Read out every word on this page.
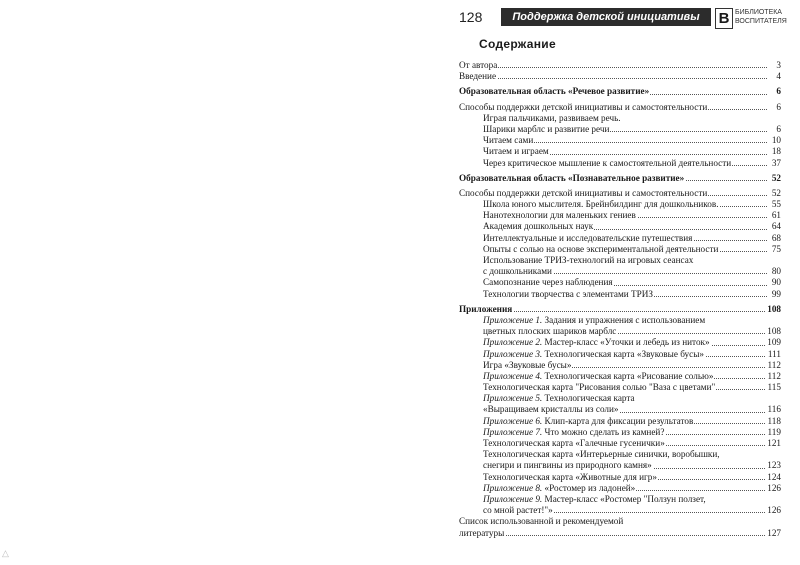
△
128	Поддержка детской инициативы	В БИБЛИОТЕКА
ВОСПИТАТЕЛЯ
Содержание
От автора	3
Введение	4
Образовательная область «Речевое развитие»	6
Способы поддержки детской инициативы и самостоятельности	6
Играя пальчиками, развиваем речь.
Шарики марблс и развитие речи	6
Читаем сами	10
Читаем и играем	18
Через критическое мышление к самостоятельной деятельности	37
Образовательная область «Познавательное развитие»	52
Способы поддержки детской инициативы и самостоятельности	52
Школа юного мыслителя. Брейнбилдинг для дошкольников.	55
Нанотехнологии для маленьких гениев	61
Академия дошкольных наук	64
Интеллектуальные и исследовательские путешествия	68
Опыты с солью на основе экспериментальной деятельности	75
Использование ТРИЗ-технологий на игровых сеансах
с дошкольниками	80
Самопознание через наблюдения	90
Технологии творчества с элементами ТРИЗ	99
Приложения	108
Приложение 1. Задания и упражнения с использованием
цветных плоских шариков марблс	108
Приложение 2. Мастер-класс «Уточки и лебедь из ниток»	109
Приложение 3. Технологическая карта «Звуковые бусы»	111
Игра «Звуковые бусы»	112
Приложение 4. Технологическая карта «Рисование солью»	112
Технологическая карта "Рисования солью "Ваза с цветами"	115
Приложение 5. Технологическая карта
«Выращиваем кристаллы из соли»	116
Приложение 6. Клип-карта для фиксации результатов	118
Приложение 7. Что можно сделать из камней?	119
Технологическая карта «Галечные гусенички»	121
Технологическая карта «Интерьерные синички, воробышки,
снегири и пингвины из природного камня»	123
Технологическая карта «Животные для игр»	124
Приложение 8. «Ростомер из ладоней»	126
Приложение 9. Мастер-класс «Ростомер "Ползун ползет,
со мной растет!"»	126
Список использованной и рекомендуемой
литературы	127
